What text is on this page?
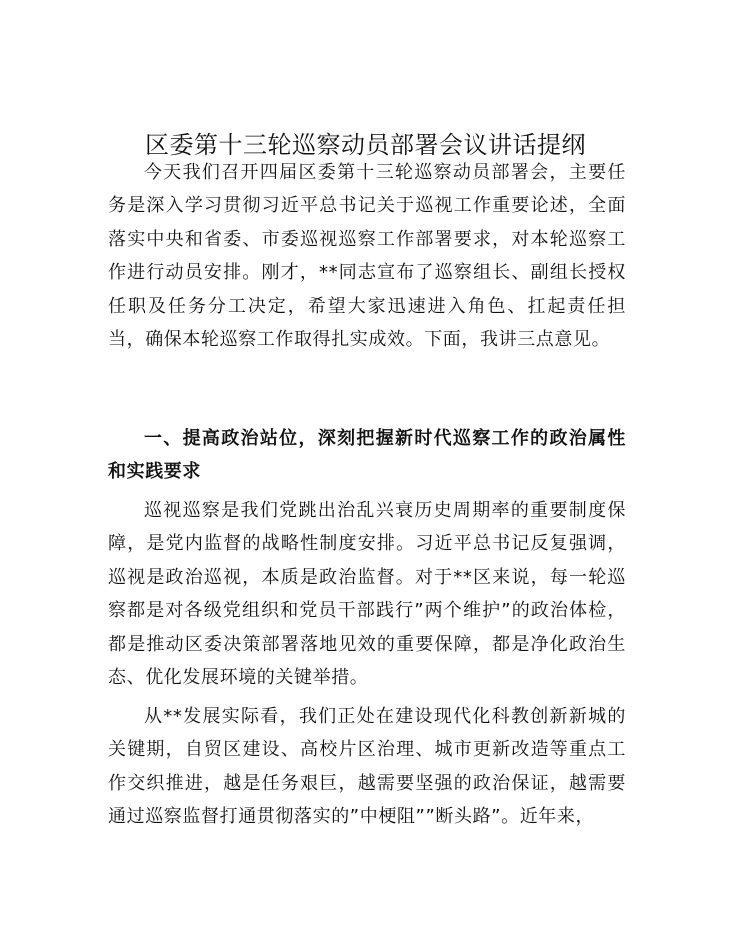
区委第十三轮巡察动员部署会议讲话提纲

今天我们召开四届区委第十三轮巡察动员部署会，主要任务是深入学习贯彻习近平总书记关于巡视工作重要论述，全面落实中央和省委、市委巡视巡察工作部署要求，对本轮巡察工作进行动员安排。刚才，**同志宣布了巡察组长、副组长授权任职及任务分工决定，希望大家迅速进入角色、扛起责任担当，确保本轮巡察工作取得扎实成效。下面，我讲三点意见。

一、提高政治站位，深刻把握新时代巡察工作的政治属性和实践要求

巡视巡察是我们党跳出治乱兴衰历史周期率的重要制度保障，是党内监督的战略性制度安排。习近平总书记反复强调，巡视是政治巡视，本质是政治监督。对于**区来说，每一轮巡察都是对各级党组织和党员干部践行”两个维护”的政治体检，都是推动区委决策部署落地见效的重要保障，都是净化政治生态、优化发展环境的关键举措。

从**发展实际看，我们正处在建设现代化科教创新新城的关键期，自贸区建设、高校片区治理、城市更新改造等重点工作交织推进，越是任务艰巨，越需要坚强的政治保证，越需要通过巡察监督打通贯彻落实的”中梗阻””断头路”。近年来，
